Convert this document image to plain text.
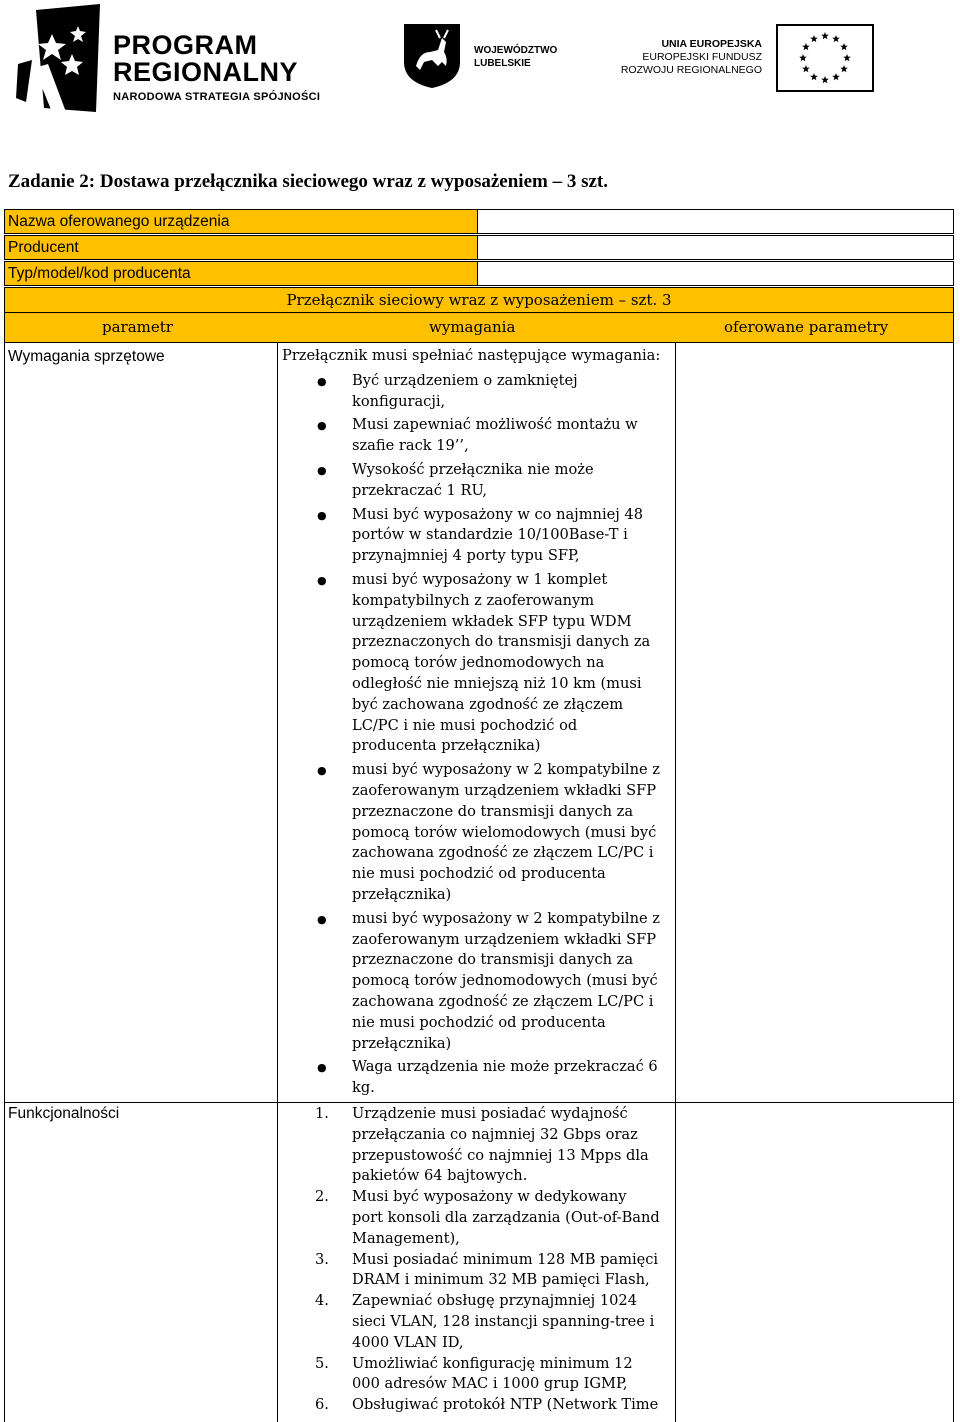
PROGRAM
REGIONALNY
NARODOWA STRATEGIA SPÓJNOŚCI
WOJEWÓDZTWO
LUBELSKIE
UNIA EUROPEJSKA
EUROPEJSKI FUNDUSZ
ROZWOJU REGIONALNEGO
Zadanie 2: Dostawa przełącznika sieciowego wraz z wyposażeniem – 3 szt.
Nazwa oferowanego urządzenia
Producent
Typ/model/kod producenta
Przełącznik sieciowy wraz z wyposażeniem – szt. 3
parametr	wymagania	oferowane parametry
Wymagania sprzętowe
Funkcjonalności
Przełącznik musi spełniać następujące wymagania:
● Być urządzeniem o zamkniętej
konfiguracji,
● Musi zapewniać możliwość montażu w
szafie rack 19’’,
● Wysokość przełącznika nie może
przekraczać 1 RU,
● Musi być wyposażony w co najmniej 48
portów w standardzie 10/100Base-T i
przynajmniej 4 porty typu SFP,
● musi być wyposażony w 1 komplet
kompatybilnych z zaoferowanym
urządzeniem wkładek SFP typu WDM
przeznaczonych do transmisji danych za
pomocą torów jednomodowych na
odległość nie mniejszą niż 10 km (musi
być zachowana zgodność ze złączem
LC/PC i nie musi pochodzić od
producenta przełącznika)
● musi być wyposażony w 2 kompatybilne z
zaoferowanym urządzeniem wkładki SFP
przeznaczone do transmisji danych za
pomocą torów wielomodowych (musi być
zachowana zgodność ze złączem LC/PC i
nie musi pochodzić od producenta
przełącznika)
● musi być wyposażony w 2 kompatybilne z
zaoferowanym urządzeniem wkładki SFP
przeznaczone do transmisji danych za
pomocą torów jednomodowych (musi być
zachowana zgodność ze złączem LC/PC i
nie musi pochodzić od producenta
przełącznika)
● Waga urządzenia nie może przekraczać 6
kg.
1. Urządzenie musi posiadać wydajność
przełączania co najmniej 32 Gbps oraz
przepustowość co najmniej 13 Mpps dla
pakietów 64 bajtowych.
2. Musi być wyposażony w dedykowany
port konsoli dla zarządzania (Out-of-Band
Management),
3. Musi posiadać minimum 128 MB pamięci
DRAM i minimum 32 MB pamięci Flash,
4. Zapewniać obsługę przynajmniej 1024
sieci VLAN, 128 instancji spanning-tree i
4000 VLAN ID,
5. Umożliwiać konfigurację minimum 12
000 adresów MAC i 1000 grup IGMP,
6. Obsługiwać protokół NTP (Network Time
